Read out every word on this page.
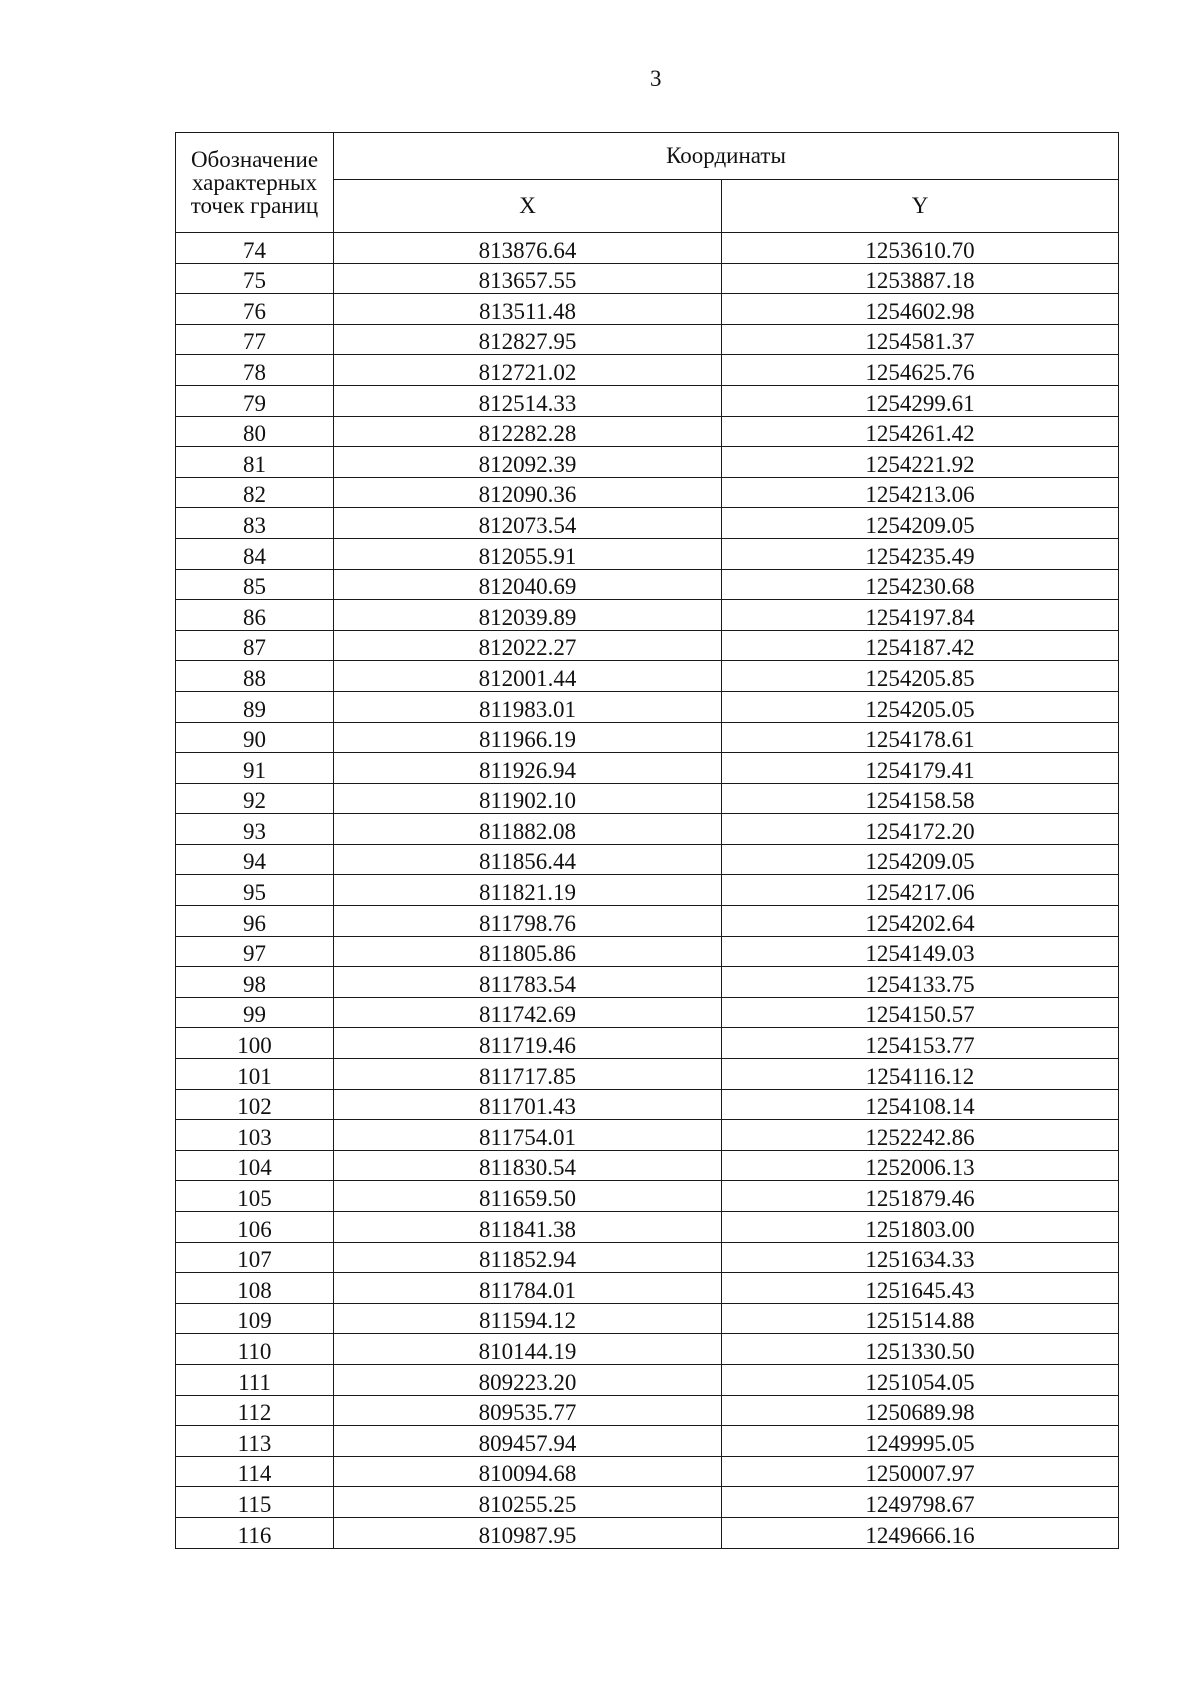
3
Обозначение характерных точек границ	Координаты	
	X	Y
74	813876.64	1253610.70
75	813657.55	1253887.18
76	813511.48	1254602.98
77	812827.95	1254581.37
78	812721.02	1254625.76
79	812514.33	1254299.61
80	812282.28	1254261.42
81	812092.39	1254221.92
82	812090.36	1254213.06
83	812073.54	1254209.05
84	812055.91	1254235.49
85	812040.69	1254230.68
86	812039.89	1254197.84
87	812022.27	1254187.42
88	812001.44	1254205.85
89	811983.01	1254205.05
90	811966.19	1254178.61
91	811926.94	1254179.41
92	811902.10	1254158.58
93	811882.08	1254172.20
94	811856.44	1254209.05
95	811821.19	1254217.06
96	811798.76	1254202.64
97	811805.86	1254149.03
98	811783.54	1254133.75
99	811742.69	1254150.57
100	811719.46	1254153.77
101	811717.85	1254116.12
102	811701.43	1254108.14
103	811754.01	1252242.86
104	811830.54	1252006.13
105	811659.50	1251879.46
106	811841.38	1251803.00
107	811852.94	1251634.33
108	811784.01	1251645.43
109	811594.12	1251514.88
110	810144.19	1251330.50
111	809223.20	1251054.05
112	809535.77	1250689.98
113	809457.94	1249995.05
114	810094.68	1250007.97
115	810255.25	1249798.67
116	810987.95	1249666.16
